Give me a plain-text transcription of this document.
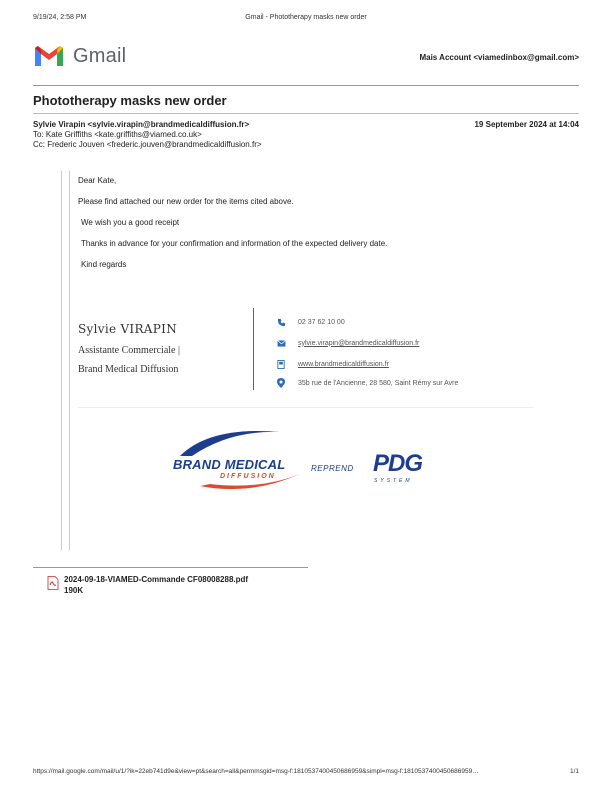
9/19/24, 2:58 PM	Gmail - Phototherapy masks new order
Gmail	Mais Account <viamedinbox@gmail.com>
Phototherapy masks new order
Sylvie Virapin <sylvie.virapin@brandmedicaldiffusion.fr>	19 September 2024 at 14:04
To: Kate Griffiths <kate.griffiths@viamed.co.uk>
Cc: Frederic Jouven <frederic.jouven@brandmedicaldiffusion.fr>
Dear Kate,
Please find attached our new order for the items cited above.
We wish you a good receipt
Thanks in advance for your confirmation and information of the expected delivery date.
Kind regards
Sylvie VIRAPIN
Assistante Commerciale |
Brand Medical Diffusion
02 37 62 10 00
sylvie.virapin@brandmedicaldiffusion.fr
www.brandmedicaldiffusion.fr
35b rue de l'Ancienne, 28 580, Saint Rémy sur Avre
BRAND MEDICAL
DIFFUSION
REPREND PDG
SYSTEM
2024-09-18-VIAMED-Commande CF08008288.pdf
190K
https://mail.google.com/mail/u/1/?ik=22eb741d9e&view=pt&search=all&permmsgid=msg-f:1810537400450686959&simpl=msg-f:1810537400450686959…	1/1
